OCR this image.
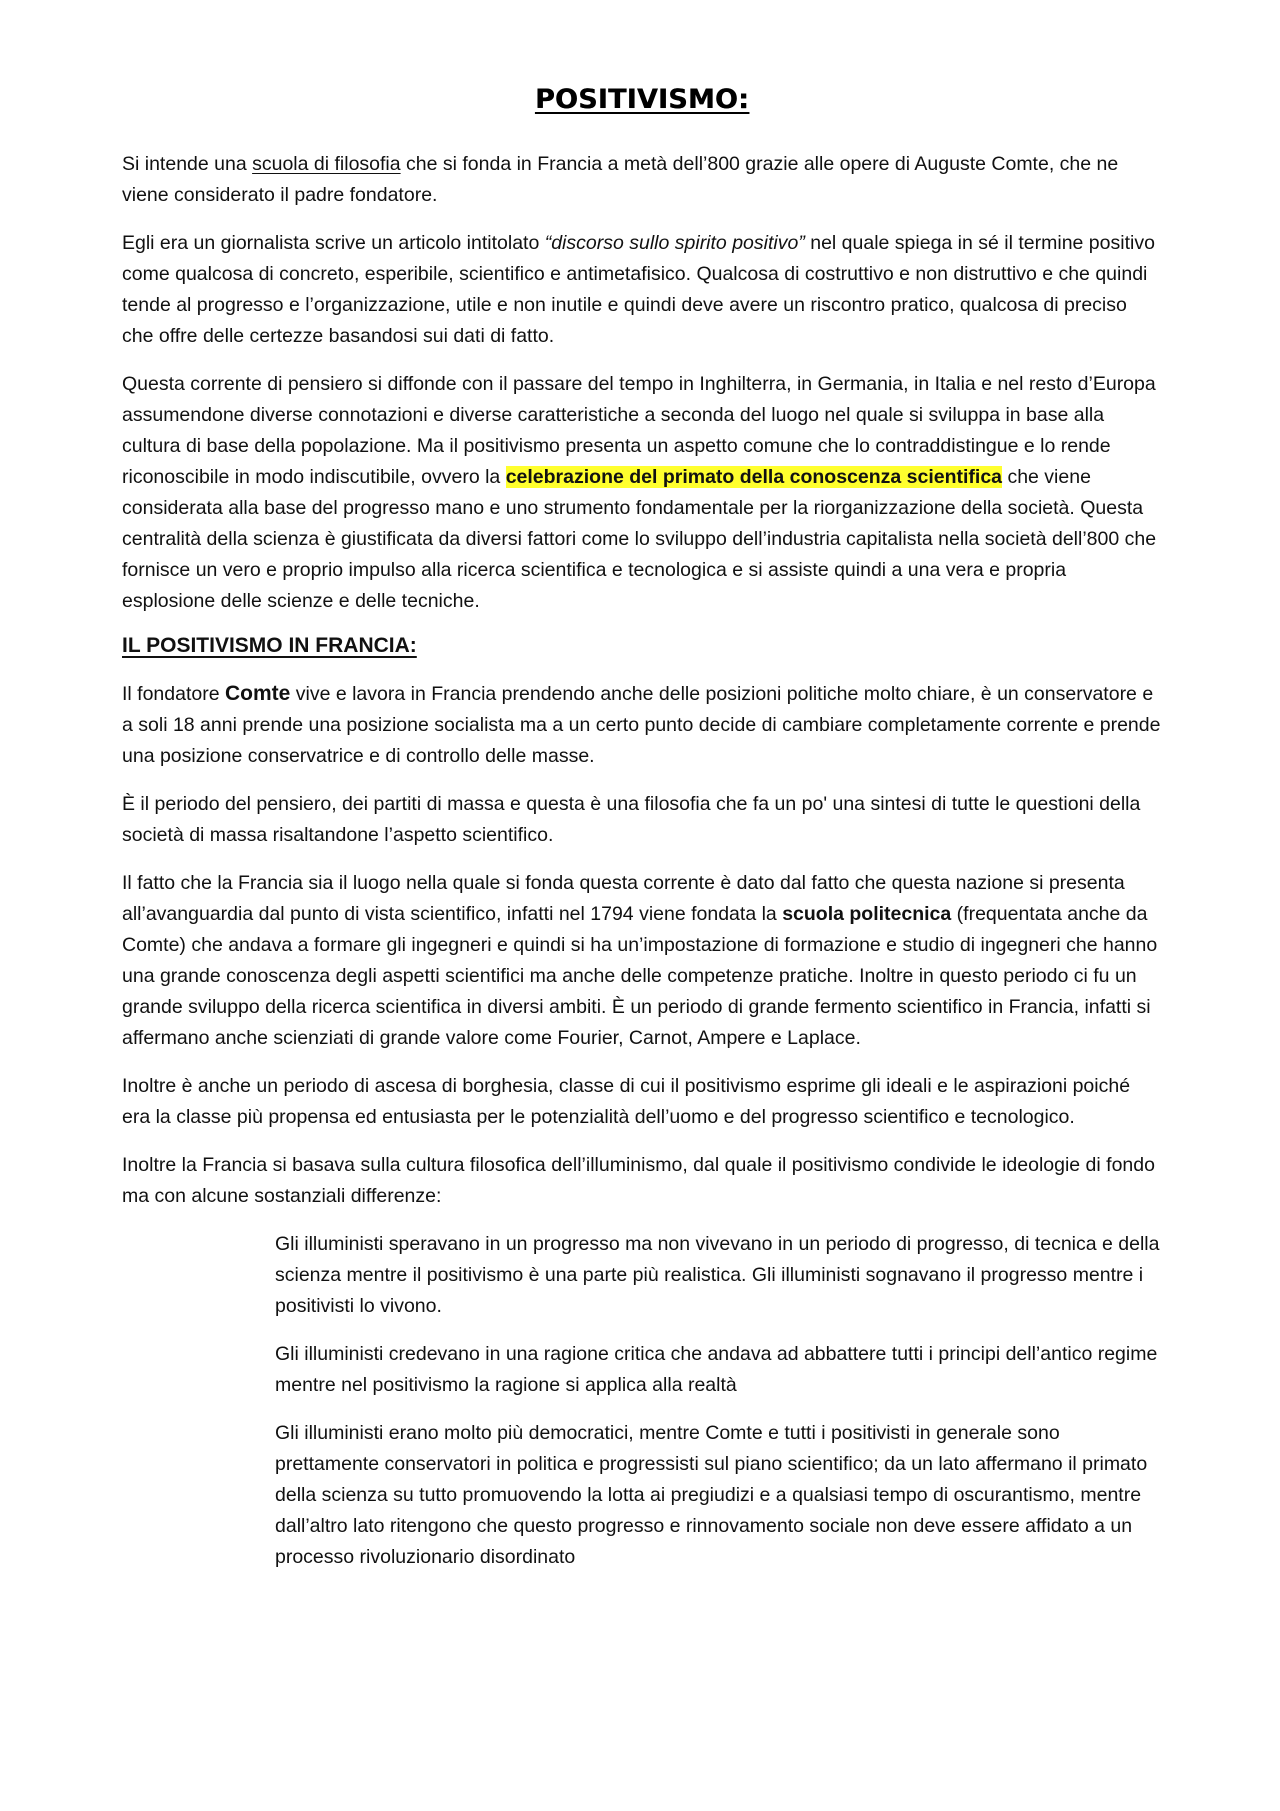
POSITIVISMO:

Si intende una scuola di filosofia che si fonda in Francia a metà dell’800 grazie alle opere di Auguste Comte, che ne viene considerato il padre fondatore.

Egli era un giornalista scrive un articolo intitolato “discorso sullo spirito positivo” nel quale spiega in sé il termine positivo come qualcosa di concreto, esperibile, scientifico e antimetafisico. Qualcosa di costruttivo e non distruttivo e che quindi tende al progresso e l’organizzazione, utile e non inutile e quindi deve avere un riscontro pratico, qualcosa di preciso che offre delle certezze basandosi sui dati di fatto.

Questa corrente di pensiero si diffonde con il passare del tempo in Inghilterra, in Germania, in Italia e nel resto d’Europa assumendone diverse connotazioni e diverse caratteristiche a seconda del luogo nel quale si sviluppa in base alla cultura di base della popolazione. Ma il positivismo presenta un aspetto comune che lo contraddistingue e lo rende riconoscibile in modo indiscutibile, ovvero la celebrazione del primato della conoscenza scientifica che viene considerata alla base del progresso mano e uno strumento fondamentale per la riorganizzazione della società. Questa centralità della scienza è giustificata da diversi fattori come lo sviluppo dell’industria capitalista nella società dell’800 che fornisce un vero e proprio impulso alla ricerca scientifica e tecnologica e si assiste quindi a una vera e propria esplosione delle scienze e delle tecniche.

IL POSITIVISMO IN FRANCIA:

Il fondatore Comte vive e lavora in Francia prendendo anche delle posizioni politiche molto chiare, è un conservatore e a soli 18 anni prende una posizione socialista ma a un certo punto decide di cambiare completamente corrente e prende una posizione conservatrice e di controllo delle masse.

È il periodo del pensiero, dei partiti di massa e questa è una filosofia che fa un po' una sintesi di tutte le questioni della società di massa risaltandone l’aspetto scientifico.

Il fatto che la Francia sia il luogo nella quale si fonda questa corrente è dato dal fatto che questa nazione si presenta all’avanguardia dal punto di vista scientifico, infatti nel 1794 viene fondata la scuola politecnica (frequentata anche da Comte) che andava a formare gli ingegneri e quindi si ha un’impostazione di formazione e studio di ingegneri che hanno una grande conoscenza degli aspetti scientifici ma anche delle competenze pratiche. Inoltre in questo periodo ci fu un grande sviluppo della ricerca scientifica in diversi ambiti. È un periodo di grande fermento scientifico in Francia, infatti si affermano anche scienziati di grande valore come Fourier, Carnot, Ampere e Laplace.

Inoltre è anche un periodo di ascesa di borghesia, classe di cui il positivismo esprime gli ideali e le aspirazioni poiché era la classe più propensa ed entusiasta per le potenzialità dell’uomo e del progresso scientifico e tecnologico.

Inoltre la Francia si basava sulla cultura filosofica dell’illuminismo, dal quale il positivismo condivide le ideologie di fondo ma con alcune sostanziali differenze:

Gli illuministi speravano in un progresso ma non vivevano in un periodo di progresso, di tecnica e della scienza mentre il positivismo è una parte più realistica. Gli illuministi sognavano il progresso mentre i positivisti lo vivono.

Gli illuministi credevano in una ragione critica che andava ad abbattere tutti i principi dell’antico regime mentre nel positivismo la ragione si applica alla realtà

Gli illuministi erano molto più democratici, mentre Comte e tutti i positivisti in generale sono prettamente conservatori in politica e progressisti sul piano scientifico; da un lato affermano il primato della scienza su tutto promuovendo la lotta ai pregiudizi e a qualsiasi tempo di oscurantismo, mentre dall’altro lato ritengono che questo progresso e rinnovamento sociale non deve essere affidato a un processo rivoluzionario disordinato
